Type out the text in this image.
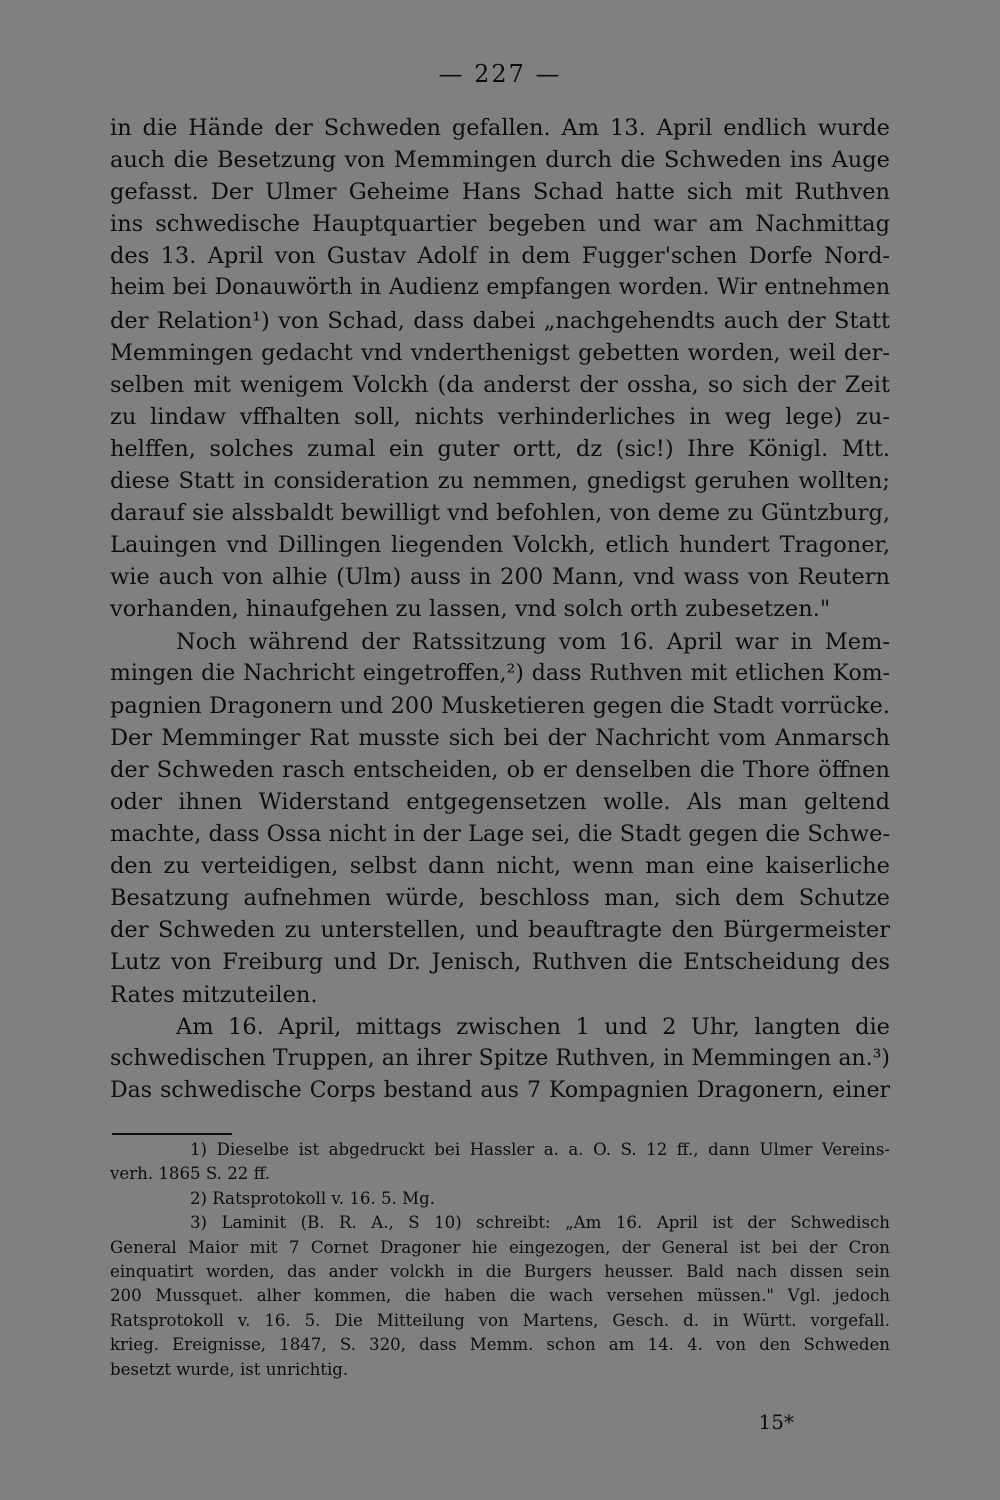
— 227 —
in die Hände der Schweden gefallen. Am 13. April endlich wurde
auch die Besetzung von Memmingen durch die Schweden ins Auge
gefasst. Der Ulmer Geheime Hans Schad hatte sich mit Ruthven
ins schwedische Hauptquartier begeben und war am Nachmittag
des 13. April von Gustav Adolf in dem Fugger'schen Dorfe Nord-
heim bei Donauwörth in Audienz empfangen worden. Wir entnehmen
der Relation¹) von Schad, dass dabei „nachgehendts auch der Statt
Memmingen gedacht vnd vnderthenigst gebetten worden, weil der-
selben mit wenigem Volckh (da anderst der ossha, so sich der Zeit
zu lindaw vffhalten soll, nichts verhinderliches in weg lege) zu-
helffen, solches zumal ein guter ortt, dz (sic!) Ihre Königl. Mtt.
diese Statt in consideration zu nemmen, gnedigst geruhen wollten;
darauf sie alssbaldt bewilligt vnd befohlen, von deme zu Güntzburg,
Lauingen vnd Dillingen liegenden Volckh, etlich hundert Tragoner,
wie auch von alhie (Ulm) auss in 200 Mann, vnd wass von Reutern
vorhanden, hinaufgehen zu lassen, vnd solch orth zubesetzen."
Noch während der Ratssitzung vom 16. April war in Mem-
mingen die Nachricht eingetroffen,²) dass Ruthven mit etlichen Kom-
pagnien Dragonern und 200 Musketieren gegen die Stadt vorrücke.
Der Memminger Rat musste sich bei der Nachricht vom Anmarsch
der Schweden rasch entscheiden, ob er denselben die Thore öffnen
oder ihnen Widerstand entgegensetzen wolle. Als man geltend
machte, dass Ossa nicht in der Lage sei, die Stadt gegen die Schwe-
den zu verteidigen, selbst dann nicht, wenn man eine kaiserliche
Besatzung aufnehmen würde, beschloss man, sich dem Schutze
der Schweden zu unterstellen, und beauftragte den Bürgermeister
Lutz von Freiburg und Dr. Jenisch, Ruthven die Entscheidung des
Rates mitzuteilen.
Am 16. April, mittags zwischen 1 und 2 Uhr, langten die
schwedischen Truppen, an ihrer Spitze Ruthven, in Memmingen an.³)
Das schwedische Corps bestand aus 7 Kompagnien Dragonern, einer
1) Dieselbe ist abgedruckt bei Hassler a. a. O. S. 12 ff., dann Ulmer Vereins-
verh. 1865 S. 22 ff.
2) Ratsprotokoll v. 16. 5. Mg.
3) Laminit (B. R. A., S 10) schreibt: „Am 16. April ist der Schwedisch
General Maior mit 7 Cornet Dragoner hie eingezogen, der General ist bei der Cron
einquatirt worden, das ander volckh in die Burgers heusser. Bald nach dissen sein
200 Mussquet. alher kommen, die haben die wach versehen müssen." Vgl. jedoch
Ratsprotokoll v. 16. 5. Die Mitteilung von Martens, Gesch. d. in Württ. vorgefall.
krieg. Ereignisse, 1847, S. 320, dass Memm. schon am 14. 4. von den Schweden
besetzt wurde, ist unrichtig.
15*
